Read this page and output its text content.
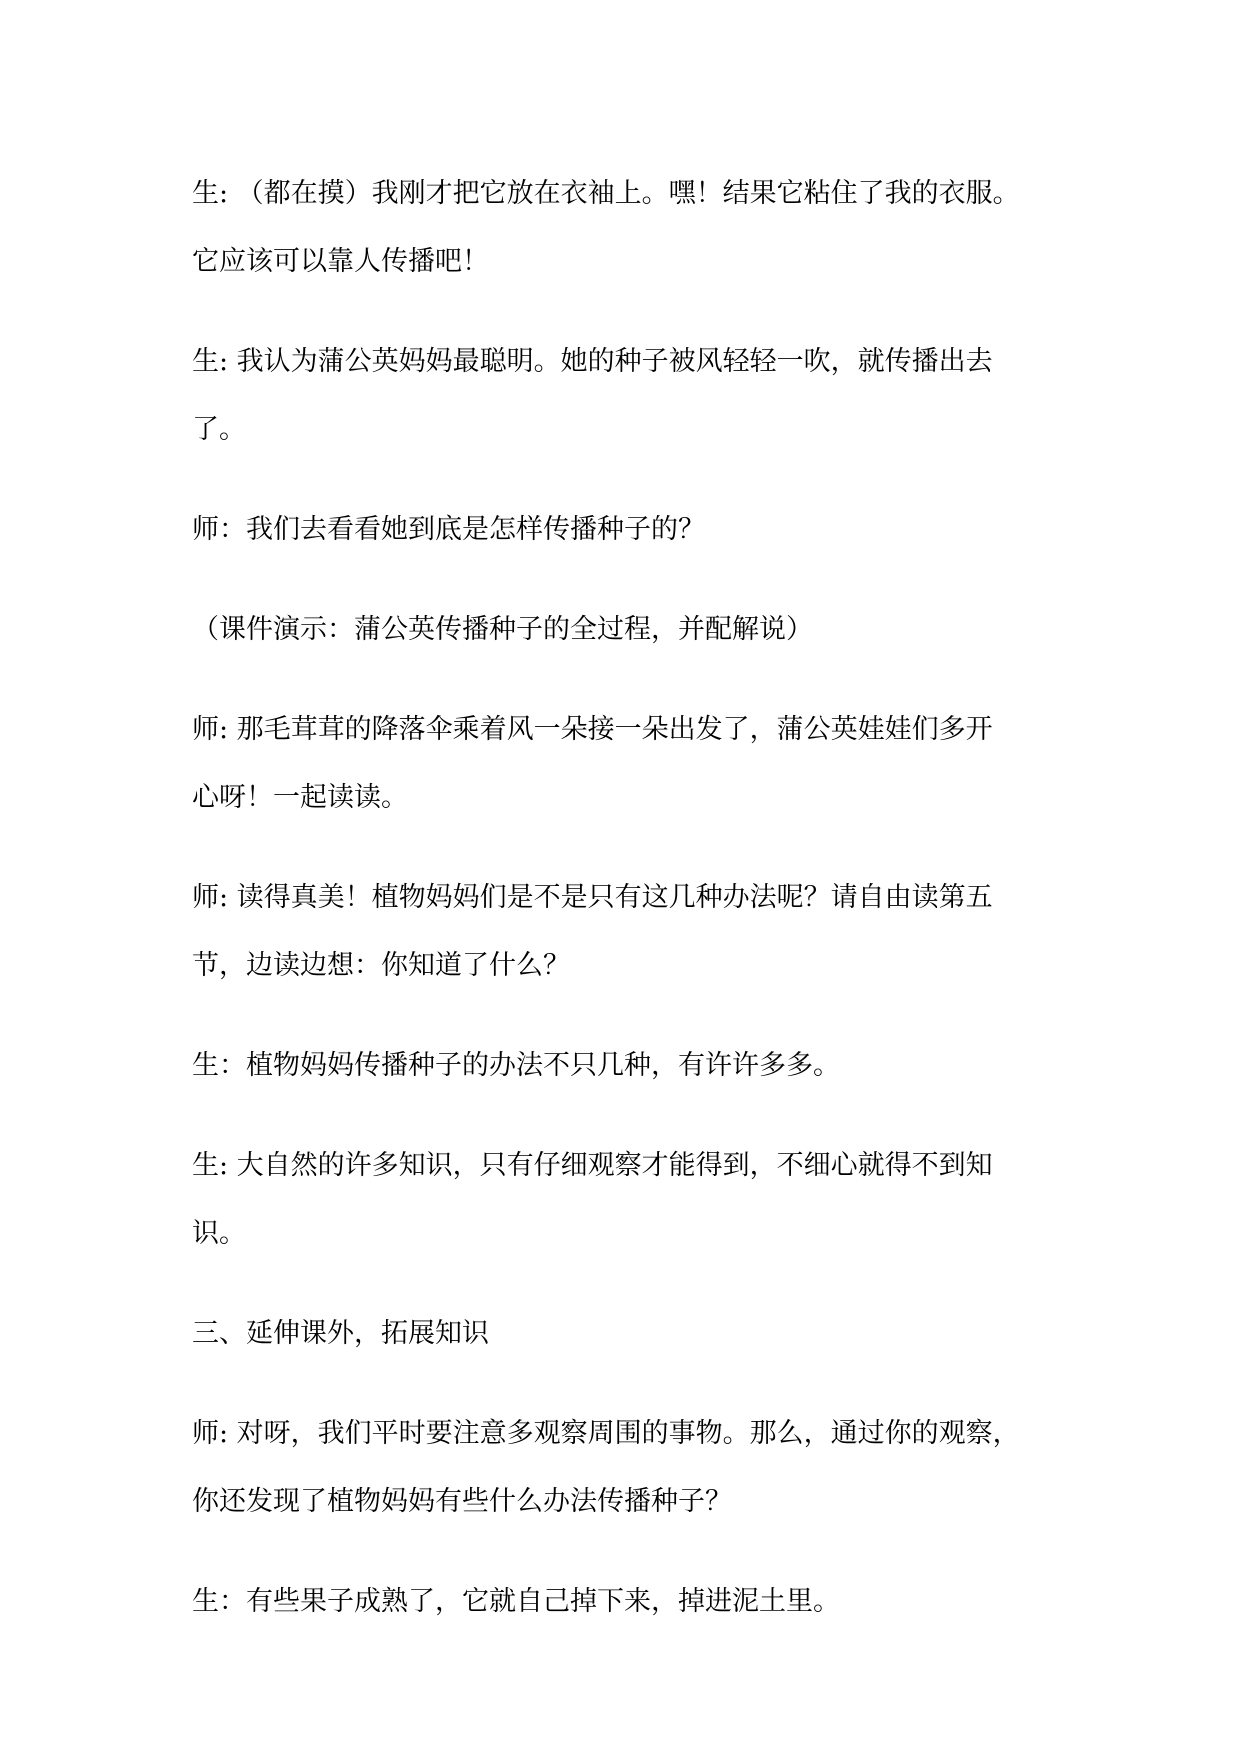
生: （都在摸）我刚才把它放在衣袖上。嘿！结果它粘住了我的衣服。
它应该可以靠人传播吧！
生: 我认为蒲公英妈妈最聪明。她的种子被风轻轻一吹，就传播出去
了。
师：我们去看看她到底是怎样传播种子的？
（课件演示：蒲公英传播种子的全过程，并配解说）
师: 那毛茸茸的降落伞乘着风一朵接一朵出发了，蒲公英娃娃们多开
心呀！一起读读。
师: 读得真美！植物妈妈们是不是只有这几种办法呢？请自由读第五
节，边读边想：你知道了什么？
生：植物妈妈传播种子的办法不只几种，有许许多多。
生: 大自然的许多知识，只有仔细观察才能得到，不细心就得不到知
识。
三、延伸课外，拓展知识
师: 对呀，我们平时要注意多观察周围的事物。那么，通过你的观察，
你还发现了植物妈妈有些什么办法传播种子？
生：有些果子成熟了，它就自己掉下来，掉进泥土里。
